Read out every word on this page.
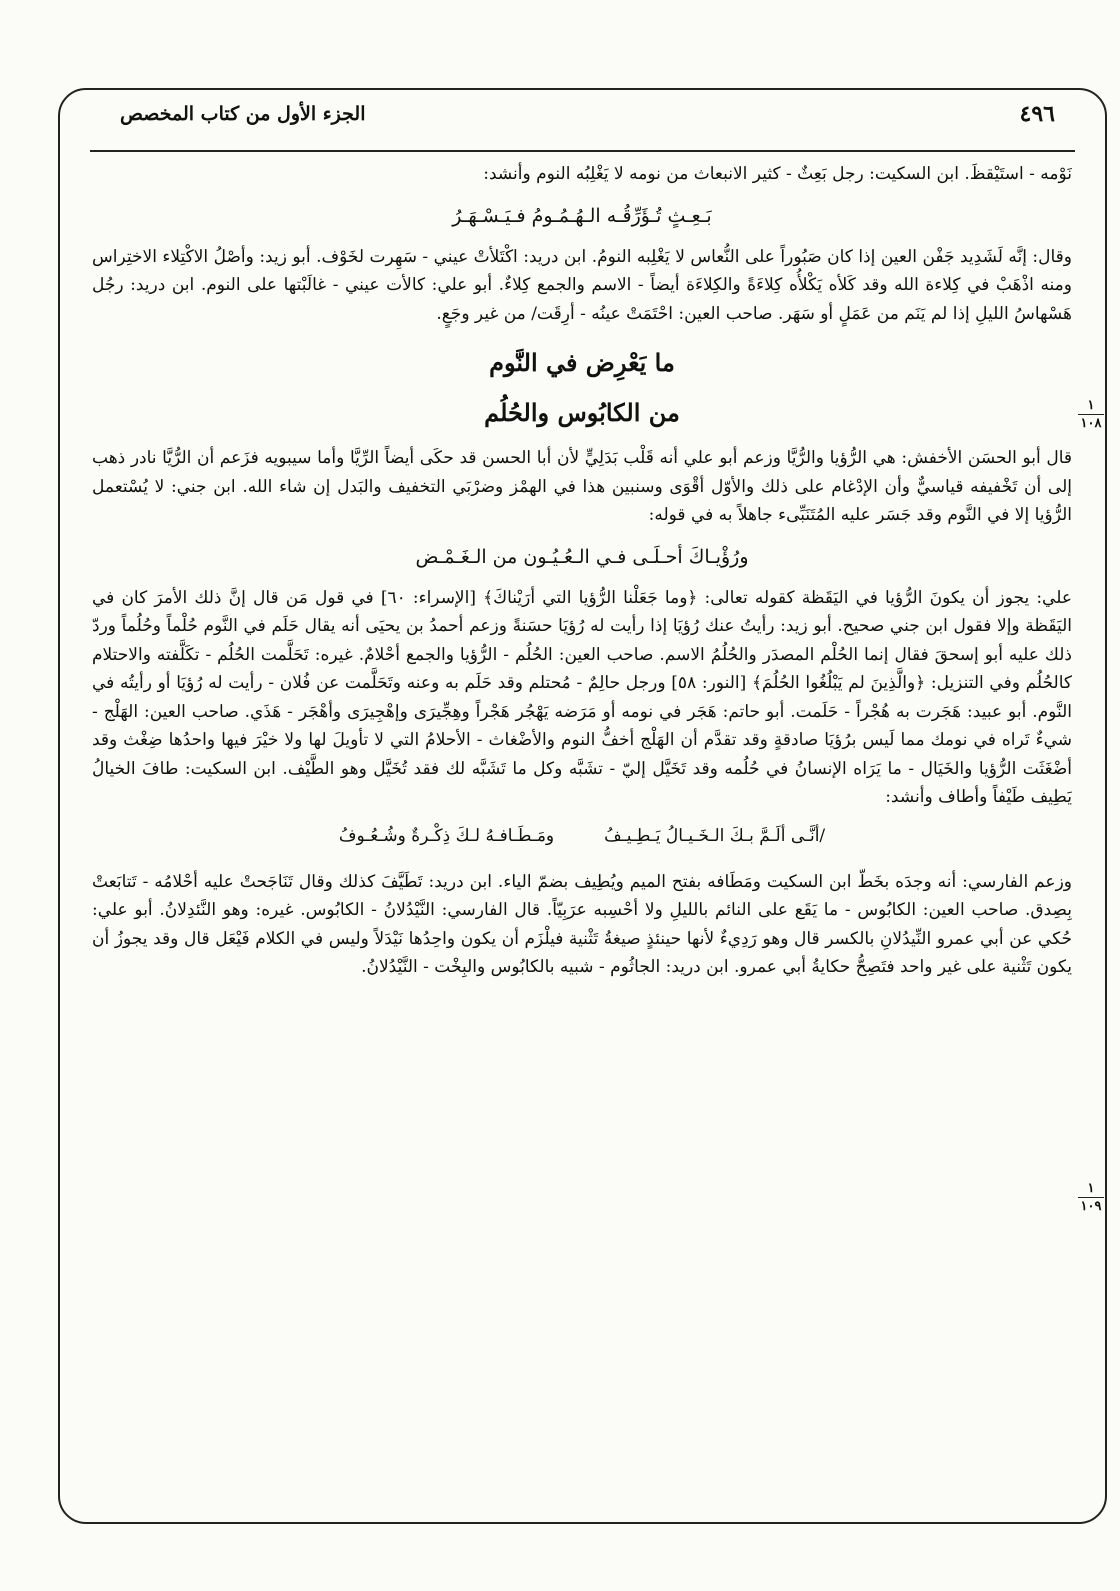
٤٩٦
الجزء الأول من كتاب المخصص
١
١٠٨
١
١٠٩

نَوْمه - استَيْقظَ. ابن السكيت: رجل بَعِثٌ - كثير الانبعاث من نومه لا يَغْلِبُه النوم وأنشد:

بَـعِـثٍ تُـؤَرِّقُـه الـهُـمُـومُ فـيَـسْـهَـرُ

وقال: إنَّه لَشَدِيد جَفْن العين إذا كان صَبُوراً على النُّعاس لا يَغْلِبه النومُ. ابن دريد: اكْتَلأتْ عيني - سَهِرت لخَوْف. أبو زيد: وأصْلُ الاكْتِلاء الاختِراس ومنه اذْهَبْ في كِلاءة الله وقد كَلأه يَكْلأُه كِلاءَةً والكِلاءَة أيضاً - الاسم والجمع كِلاءٌ. أبو علي: كالأت عيني - غالَبْتها على النوم. ابن دريد: رجُل هَسْهاسُ الليلِ إذا لم يَنَم من عَمَلٍ أو سَهَر. صاحب العين: احْتَمَتْ عينُه - أرِقَت/ من غير وجَعٍ.

ما يَعْرِض في النَّوم
من الكابُوس والحُلُم

قال أبو الحسَن الأخفش: هي الرُّؤيا والرُّيَّا وزعم أبو علي أنه قَلْب بَدَلِيٍّ لأن أبا الحسن قد حكَى أيضاً الرِّيَّا وأما سيبويه فزَعم أن الرُّيَّا نادر ذهب إلى أن تَخْفيفه قياسيٌّ وأن الإدْغام على ذلك والأوّل أقْوَى وسنبين هذا في الهمْز وضرْبَي التخفيف والبَدل إن شاء الله. ابن جني: لا يُسْتعمل الرُّؤيا إلا في النَّوم وقد جَسَر عليه المُتَنَبِّىء جاهلاً به في قوله:

ورُؤْيـاكَ أحـلَـى فـي الـعُـيُـون من الـغَـمْـض

علي: يجوز أن يكونَ الرُّؤيا في اليَقَظة كقوله تعالى: ﴿وما جَعَلْنا الرُّؤيا التي أرَيْناكَ﴾ [الإسراء: ٦٠] في قول مَن قال إنَّ ذلك الأمرَ كان في اليَقَظة وإلا فقول ابن جني صحيح. أبو زيد: رأيتُ عنك رُؤيَا إذا رأيت له رُؤيَا حسَنةً وزعم أحمدُ بن يحيَى أنه يقال حَلَم في النَّوم حُلْماً وحُلُماً وردّ ذلك عليه أبو إسحقَ فقال إنما الحُلْم المصدَر والحُلُمُ الاسم. صاحب العين: الحُلُم - الرُّؤيا والجمع أحْلامٌ. غيره: تَحَلَّمت الحُلُم - تكَلَّفته والاحتلام كالحُلُم وفي التنزيل: ﴿والَّذِينَ لم يَبْلُغُوا الحُلُمَ﴾ [النور: ٥٨] ورجل حالِمٌ - مُحتلم وقد حَلَم به وعنه وتَحَلَّمت عن فُلان - رأيت له رُؤيَا أو رأيتُه في النَّوم. أبو عبيد: هَجَرت به هُجْراً - حَلَمت. أبو حاتم: هَجَر في نومه أو مَرَضه يَهْجُر هَجْراً وهِجِّيرَى وإهْجِيرَى وأهْجَر - هَذَي. صاحب العين: الهَلْج - شيءٌ تَراه في نومك مما لَيس برُؤيَا صادقةٍ وقد تقدَّم أن الهَلْج أخفُّ النوم والأضْغاث - الأحلامُ التي لا تأويلَ لها ولا خيْرَ فيها واحدُها ضِغْث وقد أضْغَثَت الرُّؤيا والخَيَال - ما يَرَاه الإنسانُ في حُلُمه وقد تَخَيَّل إليّ - تشَبَّه وكل ما تَشَبَّه لك فقد تُخَيَّل وهو الطَّيْف. ابن السكيت: طافَ الخيالُ يَطِيف طَيْفاً وأطاف وأنشد:

/أنَّـى ألَـمَّ بـكَ الـخَـيـالُ يَـطِـيـفُ
ومَـطَـافـهُ لـكَ ذِكْـرةٌ وشُـعُـوفُ

وزعم الفارسي: أنه وجدَه بخَطّ ابن السكيت ومَطَافه بفتح الميم ويُطِيف بضمّ الياء. ابن دريد: تَطَيَّفَ كذلك وقال تَنَاجَحتْ عليه أحْلامُه - تَتابَعتْ بِصِدق. صاحب العين: الكابُوس - ما يَقَع على النائم بالليلِ ولا أحْسِبه عرَبِيّاً. قال الفارسي: النَّيْدُلانُ - الكابُوس. غيره: وهو النَّئدِلانُ. أبو علي: حُكي عن أبي عمرو النِّيدُلانِ بالكسر قال وهو رَدِيءٌ لأنها حينئذٍ صيغةُ تَثْنية فيلْزَم أن يكون واحِدُها نَيْدَلاً وليس في الكلام فَيْعَل قال وقد يجوزُ أن يكون تَثْنية على غير واحد فتَصِحُّ حكايةُ أبي عمرو. ابن دريد: الجاثُوم - شبيه بالكابُوس والبِخْت - النَّيْدُلانُ.
